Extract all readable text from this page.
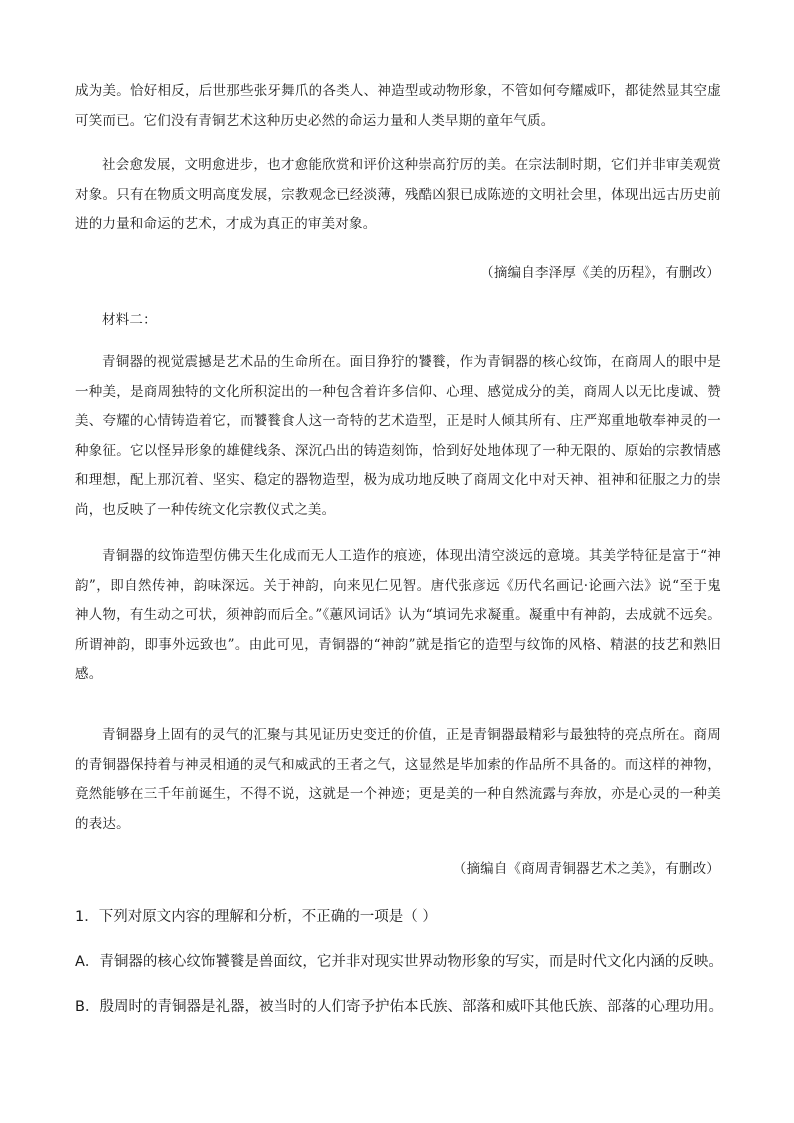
成为美。恰好相反，后世那些张牙舞爪的各类人、神造型或动物形象，不管如何夸耀威吓，都徒然显其空虚可笑而已。它们没有青铜艺术这种历史必然的命运力量和人类早期的童年气质。
社会愈发展，文明愈进步，也才愈能欣赏和评价这种崇高狞厉的美。在宗法制时期，它们并非审美观赏对象。只有在物质文明高度发展，宗教观念已经淡薄，残酷凶狠已成陈迹的文明社会里，体现出远古历史前进的力量和命运的艺术，才成为真正的审美对象。
（摘编自李泽厚《美的历程》，有删改）
材料二：
青铜器的视觉震撼是艺术品的生命所在。面目狰狞的饕餮，作为青铜器的核心纹饰，在商周人的眼中是一种美，是商周独特的文化所积淀出的一种包含着许多信仰、心理、感觉成分的美，商周人以无比虔诚、赞美、夸耀的心情铸造着它，而饕餮食人这一奇特的艺术造型，正是时人倾其所有、庄严郑重地敬奉神灵的一种象征。它以怪异形象的雄健线条、深沉凸出的铸造刻饰，恰到好处地体现了一种无限的、原始的宗教情感和理想，配上那沉着、坚实、稳定的器物造型，极为成功地反映了商周文化中对天神、祖神和征服之力的崇尚，也反映了一种传统文化宗教仪式之美。
青铜器的纹饰造型仿佛天生化成而无人工造作的痕迹，体现出清空淡远的意境。其美学特征是富于“神韵”，即自然传神，韵味深远。关于神韵，向来见仁见智。唐代张彦远《历代名画记·论画六法》说“至于鬼神人物，有生动之可状，须神韵而后全。”《蕙风词话》认为“填词先求凝重。凝重中有神韵，去成就不远矣。所谓神韵，即事外远致也”。由此可见，青铜器的“神韵”就是指它的造型与纹饰的风格、精湛的技艺和熟旧感。
青铜器身上固有的灵气的汇聚与其见证历史变迁的价值，正是青铜器最精彩与最独特的亮点所在。商周的青铜器保持着与神灵相通的灵气和威武的王者之气，这显然是毕加索的作品所不具备的。而这样的神物，竟然能够在三千年前诞生，不得不说，这就是一个神迹；更是美的一种自然流露与奔放，亦是心灵的一种美的表达。
（摘编自《商周青铜器艺术之美》，有删改）
1．下列对原文内容的理解和分析，不正确的一项是（ ）
A．青铜器的核心纹饰饕餮是兽面纹，它并非对现实世界动物形象的写实，而是时代文化内涵的反映。
B．殷周时的青铜器是礼器，被当时的人们寄予护佑本氏族、部落和威吓其他氏族、部落的心理功用。
